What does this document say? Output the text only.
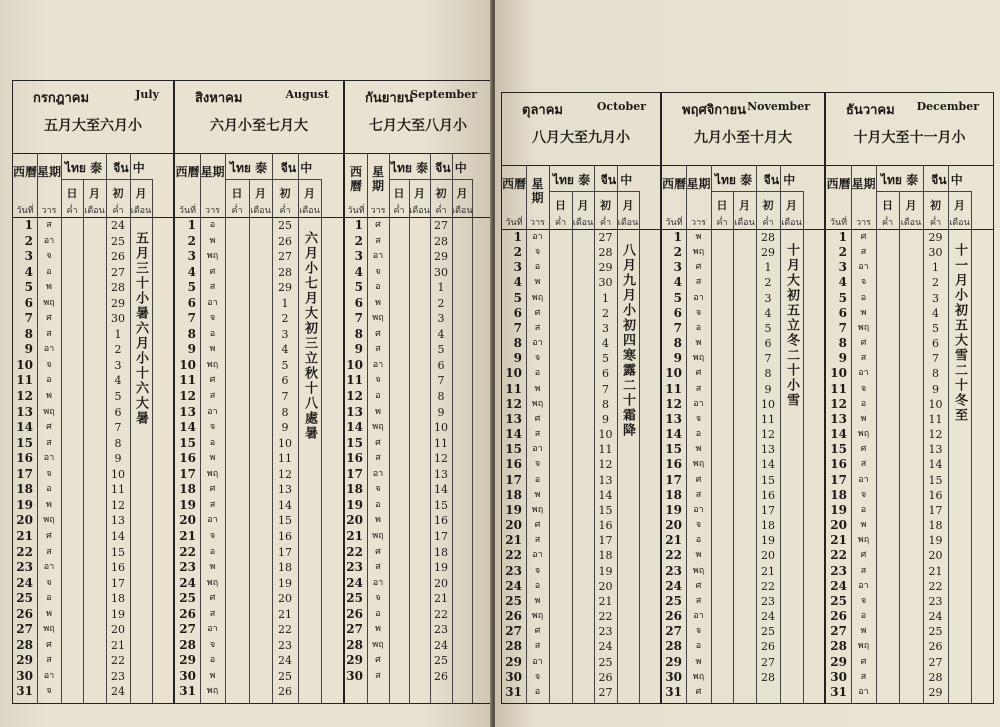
กรกฎาคม	July
五月大至六月小
西曆
วันที่
星期
วาร
ไทย 泰
日
ค่ำ
月
เดือน
จีน 中
初
ค่ำ
月
เดือน
1	ส	24
2	อา	25
3	จ	26
4	อ	27
5	พ	28
6	พฤ	29
7	ศ	30
8	ส	1
9	อา	2
10	จ	3
11	อ	4
12	พ	5
13	พฤ	6
14	ศ	7
15	ส	8
16	อา	9
17	จ	10
18	อ	11
19	พ	12
20	พฤ	13
21	ศ	14
22	ส	15
23	อา	16
24	จ	17
25	อ	18
26	พ	19
27	พฤ	20
28	ศ	21
29	ส	22
30	อา	23
31	จ	24
五月三十小暑六月小十六大暑
สิงหาคม	August
六月小至七月大
西曆
วันที่
星期
วาร
ไทย 泰
日
ค่ำ
月
เดือน
จีน 中
初
ค่ำ
月
เดือน
1	อ	25
2	พ	26
3	พฤ	27
4	ศ	28
5	ส	29
6	อา	1
7	จ	2
8	อ	3
9	พ	4
10	พฤ	5
11	ศ	6
12	ส	7
13	อา	8
14	จ	9
15	อ	10
16	พ	11
17	พฤ	12
18	ศ	13
19	ส	14
20	อา	15
21	จ	16
22	อ	17
23	พ	18
24	พฤ	19
25	ศ	20
26	ส	21
27	อา	22
28	จ	23
29	อ	24
30	พ	25
31	พฤ	26
六月小七月大初三立秋十八處暑
กันยายน
September
七月大至八月小
西曆
วันที่
星期
วาร
ไทย 泰
日
ค่ำ
月
เดือน
จีน 中
初
ค่ำ
月
เดือน
1	ศ	27
2	ส	28
3	อา	29
4	จ	30
5	อ	1
6	พ	2
7	พฤ	3
8	ศ	4
9	ส	5
10	อา	6
11	จ	7
12	อ	8
13	พ	9
14	พฤ	10
15	ศ	11
16	ส	12
17	อา	13
18	จ	14
19	อ	15
20	พ	16
21	พฤ	17
22	ศ	18
23	ส	19
24	อา	20
25	จ	21
26	อ	22
27	พ	23
28	พฤ	24
29	ศ	25
30	ส	26
ตุลาคม	October
八月大至九月小
西曆
วันที่
星期
วาร
ไทย 泰
日
ค่ำ
月
เดือน
จีน 中
初
ค่ำ
月
เดือน
1	อา	27
2	จ	28
3	อ	29
4	พ	30
5	พฤ	1
6	ศ	2
7	ส	3
8	อา	4
9	จ	5
10	อ	6
11	พ	7
12	พฤ	8
13	ศ	9
14	ส	10
15	อา	11
16	จ	12
17	อ	13
18	พ	14
19	พฤ	15
20	ศ	16
21	ส	17
22	อา	18
23	จ	19
24	อ	20
25	พ	21
26	พฤ	22
27	ศ	23
28	ส	24
29	อา	25
30	จ	26
31	อ	27
八月九月小初四寒露二十霜降
พฤศจิกายน November
九月小至十月大
西曆
วันที่
星期
วาร
ไทย 泰
日
ค่ำ
月
เดือน
จีน 中
初
ค่ำ
月
เดือน
1	พ	28
2	พฤ	29
3	ศ	1
4	ส	2
5	อา	3
6	จ	4
7	อ	5
8	พ	6
9	พฤ	7
10	ศ	8
11	ส	9
12	อา	10
13	จ	11
14	อ	12
15	พ	13
16	พฤ	14
17	ศ	15
18	ส	16
19	อา	17
20	จ	18
21	อ	19
22	พ	20
23	พฤ	21
24	ศ	22
25	ส	23
26	อา	24
27	จ	25
28	อ	26
29	พ	27
30	พฤ	28
31	ศ
十月大初五立冬二十小雪
ธันวาคม December
十月大至十一月小
西曆
วันที่
星期
วาร
ไทย 泰
日
ค่ำ
月
เดือน
จีน 中
初
ค่ำ
月
เดือน
1	ศ	29
2	ส	30
3	อา	1
4	จ	2
5	อ	3
6	พ	4
7	พฤ	5
8	ศ	6
9	ส	7
10	อา	8
11	จ	9
12	อ	10
13	พ	11
14	พฤ	12
15	ศ	13
16	ส	14
17	อา	15
18	จ	16
19	อ	17
20	พ	18
21	พฤ	19
22	ศ	20
23	ส	21
24	อา	22
25	จ	23
26	อ	24
27	พ	25
28	พฤ	26
29	ศ	27
30	ส	28
31	อา	29
十一月小初五大雪二十冬至
